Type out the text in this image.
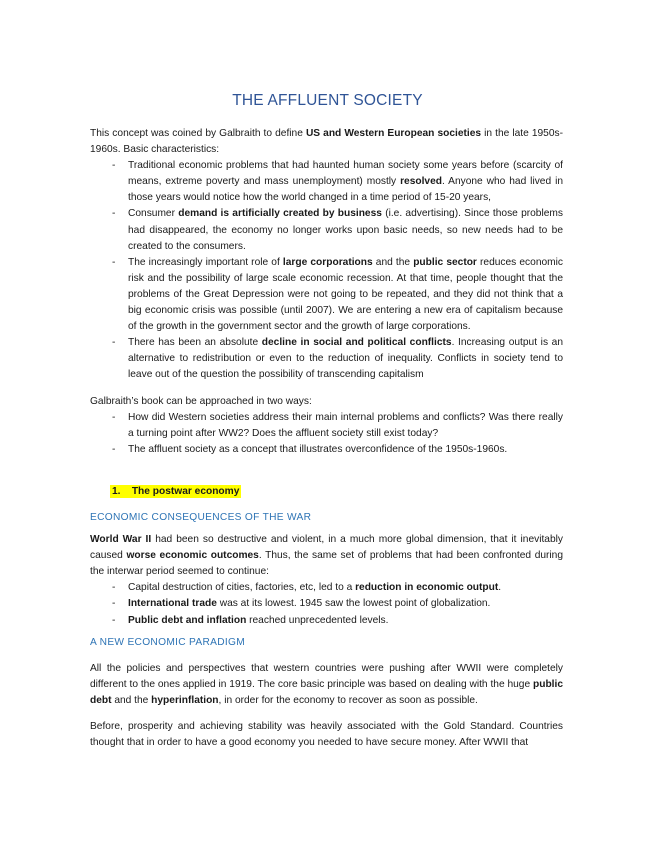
THE AFFLUENT SOCIETY

This concept was coined by Galbraith to define US and Western European societies in the late 1950s-1960s. Basic characteristics:

- Traditional economic problems that had haunted human society some years before (scarcity of means, extreme poverty and mass unemployment) mostly resolved. Anyone who had lived in those years would notice how the world changed in a time period of 15-20 years,
- Consumer demand is artificially created by business (i.e. advertising). Since those problems had disappeared, the economy no longer works upon basic needs, so new needs had to be created to the consumers.
- The increasingly important role of large corporations and the public sector reduces economic risk and the possibility of large scale economic recession. At that time, people thought that the problems of the Great Depression were not going to be repeated, and they did not think that a big economic crisis was possible (until 2007). We are entering a new era of capitalism because of the growth in the government sector and the growth of large corporations.
- There has been an absolute decline in social and political conflicts. Increasing output is an alternative to redistribution or even to the reduction of inequality. Conflicts in society tend to leave out of the question the possibility of transcending capitalism

Galbraith’s book can be approached in two ways:

- How did Western societies address their main internal problems and conflicts? Was there really a turning point after WW2? Does the affluent society still exist today?
- The affluent society as a concept that illustrates overconfidence of the 1950s-1960s.

1. The postwar economy

ECONOMIC CONSEQUENCES OF THE WAR

World War II had been so destructive and violent, in a much more global dimension, that it inevitably caused worse economic outcomes. Thus, the same set of problems that had been confronted during the interwar period seemed to continue:

- Capital destruction of cities, factories, etc, led to a reduction in economic output.
- International trade was at its lowest. 1945 saw the lowest point of globalization.
- Public debt and inflation reached unprecedented levels.

A NEW ECONOMIC PARADIGM

All the policies and perspectives that western countries were pushing after WWII were completely different to the ones applied in 1919. The core basic principle was based on dealing with the huge public debt and the hyperinflation, in order for the economy to recover as soon as possible.

Before, prosperity and achieving stability was heavily associated with the Gold Standard. Countries thought that in order to have a good economy you needed to have secure money. After WWII that
